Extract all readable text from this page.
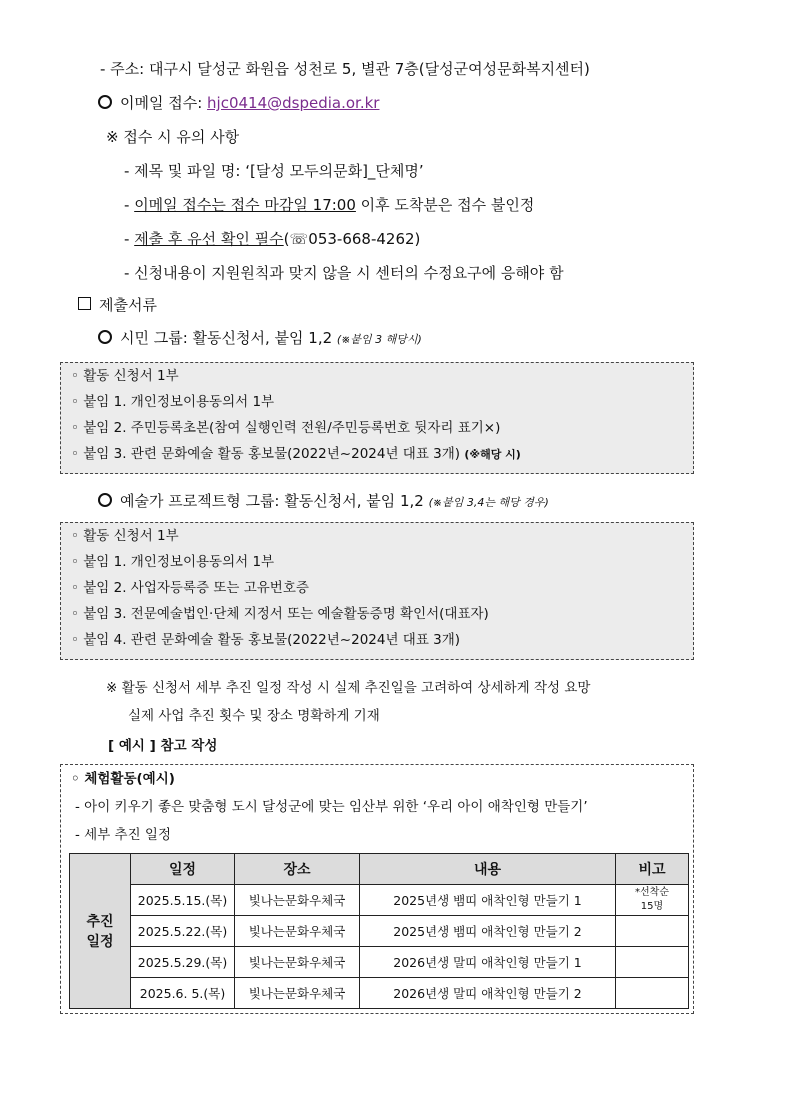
- 주소: 대구시 달성군 화원읍 성천로 5, 별관 7층(달성군여성문화복지센터)
이메일 접수: hjc0414@dspedia.or.kr
※ 접수 시 유의 사항
- 제목 및 파일 명: ‘[달성 모두의문화]_단체명’
- 이메일 접수는 접수 마감일 17:00 이후 도착분은 접수 불인정
- 제출 후 유선 확인 필수(☏053-668-4262)
- 신청내용이 지원원칙과 맞지 않을 시 센터의 수정요구에 응해야 함
제출서류
시민 그룹: 활동신청서, 붙임 1,2 (※붙임 3 해당시)
◦ 활동 신청서 1부
◦ 붙임 1. 개인정보이용동의서 1부
◦ 붙임 2. 주민등록초본(참여 실행인력 전원/주민등록번호 뒷자리 표기×)
◦ 붙임 3. 관련 문화예술 활동 홍보물(2022년~2024년 대표 3개) (※해당 시)
예술가 프로젝트형 그룹: 활동신청서, 붙임 1,2 (※붙임 3,4는 해당 경우)
◦ 활동 신청서 1부
◦ 붙임 1. 개인정보이용동의서 1부
◦ 붙임 2. 사업자등록증 또는 고유번호증
◦ 붙임 3. 전문예술법인·단체 지정서 또는 예술활동증명 확인서(대표자)
◦ 붙임 4. 관련 문화예술 활동 홍보물(2022년~2024년 대표 3개)
※ 활동 신청서 세부 추진 일정 작성 시 실제 추진일을 고려하여 상세하게 작성 요망
실제 사업 추진 횟수 및 장소 명확하게 기재
[ 예시 ] 참고 작성
◦ 체험활동(예시)
- 아이 키우기 좋은 맞춤형 도시 달성군에 맞는 임산부 위한 ‘우리 아이 애착인형 만들기’
- 세부 추진 일정
추진
일정	일정	장소	내용	비고
	2025.5.15.(목)	빛나는문화우체국	2025년생 뱀띠 애착인형 만들기 1	*선착순
15명

	2025.5.22.(목)	빛나는문화우체국	2025년생 뱀띠 애착인형 만들기 2	
	2025.5.29.(목)	빛나는문화우체국	2026년생 말띠 애착인형 만들기 1	
	2025.6. 5.(목)	빛나는문화우체국	2026년생 말띠 애착인형 만들기 2	
